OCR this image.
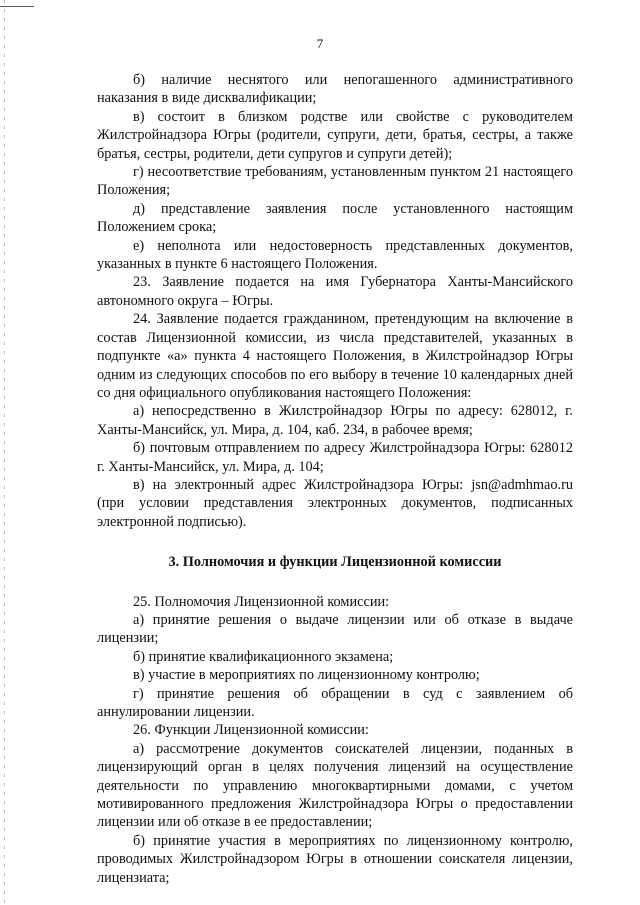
7

б) наличие неснятого или непогашенного административного наказания в виде дисквалификации;

в) состоит в близком родстве или свойстве с руководителем Жилстройнадзора Югры (родители, супруги, дети, братья, сестры, а также братья, сестры, родители, дети супругов и супруги детей);

г) несоответствие требованиям, установленным пунктом 21 настоящего Положения;

д) представление заявления после установленного настоящим Положением срока;

е) неполнота или недостоверность представленных документов, указанных в пункте 6 настоящего Положения.

23. Заявление подается на имя Губернатора Ханты-Мансийского автономного округа – Югры.

24. Заявление подается гражданином, претендующим на включение в состав Лицензионной комиссии, из числа представителей, указанных в подпункте «а» пункта 4 настоящего Положения, в Жилстройнадзор Югры одним из следующих способов по его выбору в течение 10 календарных дней со дня официального опубликования настоящего Положения:

а) непосредственно в Жилстройнадзор Югры по адресу: 628012, г. Ханты-Мансийск, ул. Мира, д. 104, каб. 234, в рабочее время;

б) почтовым отправлением по адресу Жилстройнадзора Югры: 628012 г. Ханты-Мансийск, ул. Мира, д. 104;

в) на электронный адрес Жилстройнадзора Югры: jsn@admhmao.ru (при условии представления электронных документов, подписанных электронной подписью).

3. Полномочия и функции Лицензионной комиссии

25. Полномочия Лицензионной комиссии:

а) принятие решения о выдаче лицензии или об отказе в выдаче лицензии;

б) принятие квалификационного экзамена;

в) участие в мероприятиях по лицензионному контролю;

г) принятие решения об обращении в суд с заявлением об аннулировании лицензии.

26. Функции Лицензионной комиссии:

а) рассмотрение документов соискателей лицензии, поданных в лицензирующий орган в целях получения лицензий на осуществление деятельности по управлению многоквартирными домами, с учетом мотивированного предложения Жилстройнадзора Югры о предоставлении лицензии или об отказе в ее предоставлении;

б) принятие участия в мероприятиях по лицензионному контролю, проводимых Жилстройнадзором Югры в отношении соискателя лицензии, лицензиата;
